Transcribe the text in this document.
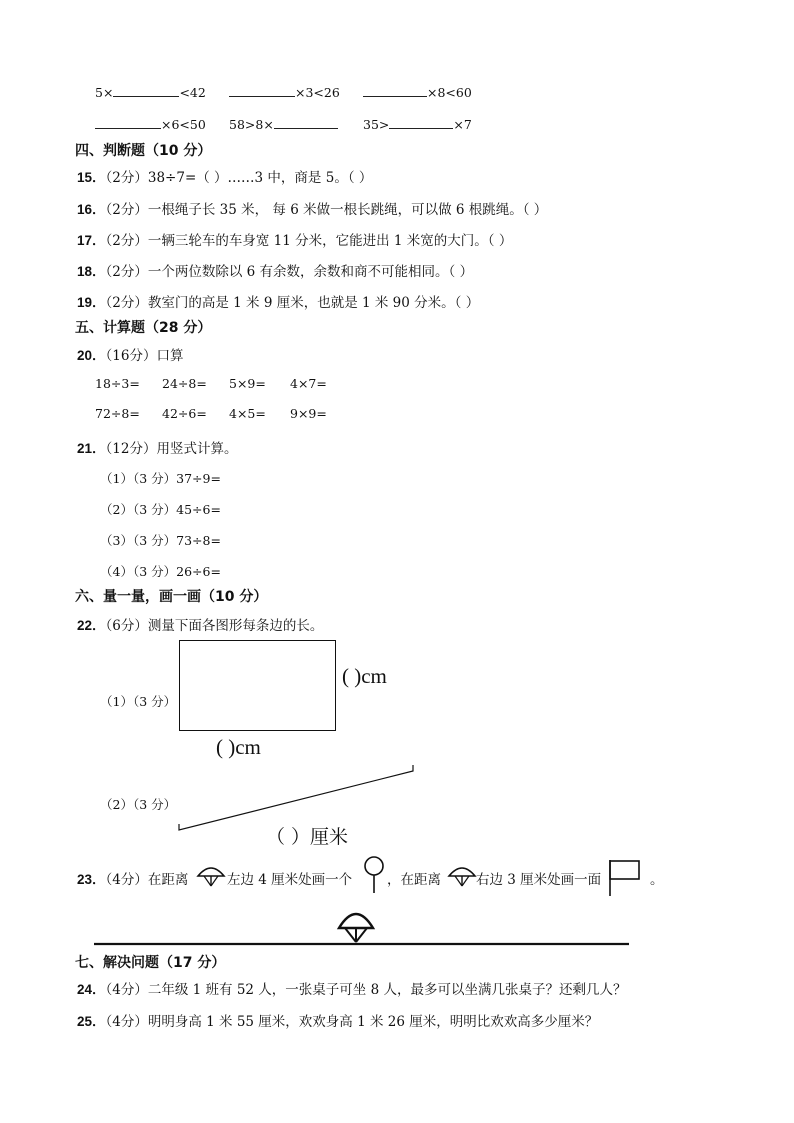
5×	<42	×3<26	×8<60
×6<50 58>8×	35>	×7
四、判断题（10 分）
15．（2分）38÷7=（ ）……3 中，商是 5。（ ）
16．（2分）一根绳子长 35 米， 每 6 米做一根长跳绳，可以做 6 根跳绳。（ ）
17．（2分）一辆三轮车的车身宽 11 分米，它能进出 1 米宽的大门。（ ）
18．（2分）一个两位数除以 6 有余数，余数和商不可能相同。（ ）
19．（2分）教室门的高是 1 米 9 厘米，也就是 1 米 90 分米。（ ）
五、计算题（28 分）
20．（16分）口算
18÷3= 24÷8= 5×9= 4×7=
72÷8= 42÷6= 4×5= 9×9=
21．（12分）用竖式计算。
（1）（3 分）37÷9=
（2）（3 分）45÷6=
（3）（3 分）73÷8=
（4）（3 分）26÷6=
六、量一量，画一画（10 分）
22．（6分）测量下面各图形每条边的长。
（1）（3 分）
( )cm
( )cm
（2）（3 分）
（ ）厘米
23．（4分）在距离	左边 4 厘米处画一个	，在距离	右边 3 厘米处画一面	。
七、解决问题（17 分）
24．（4分）二年级 1 班有 52 人，一张桌子可坐 8 人，最多可以坐满几张桌子？还剩几人？
25．（4分）明明身高 1 米 55 厘米，欢欢身高 1 米 26 厘米，明明比欢欢高多少厘米？
